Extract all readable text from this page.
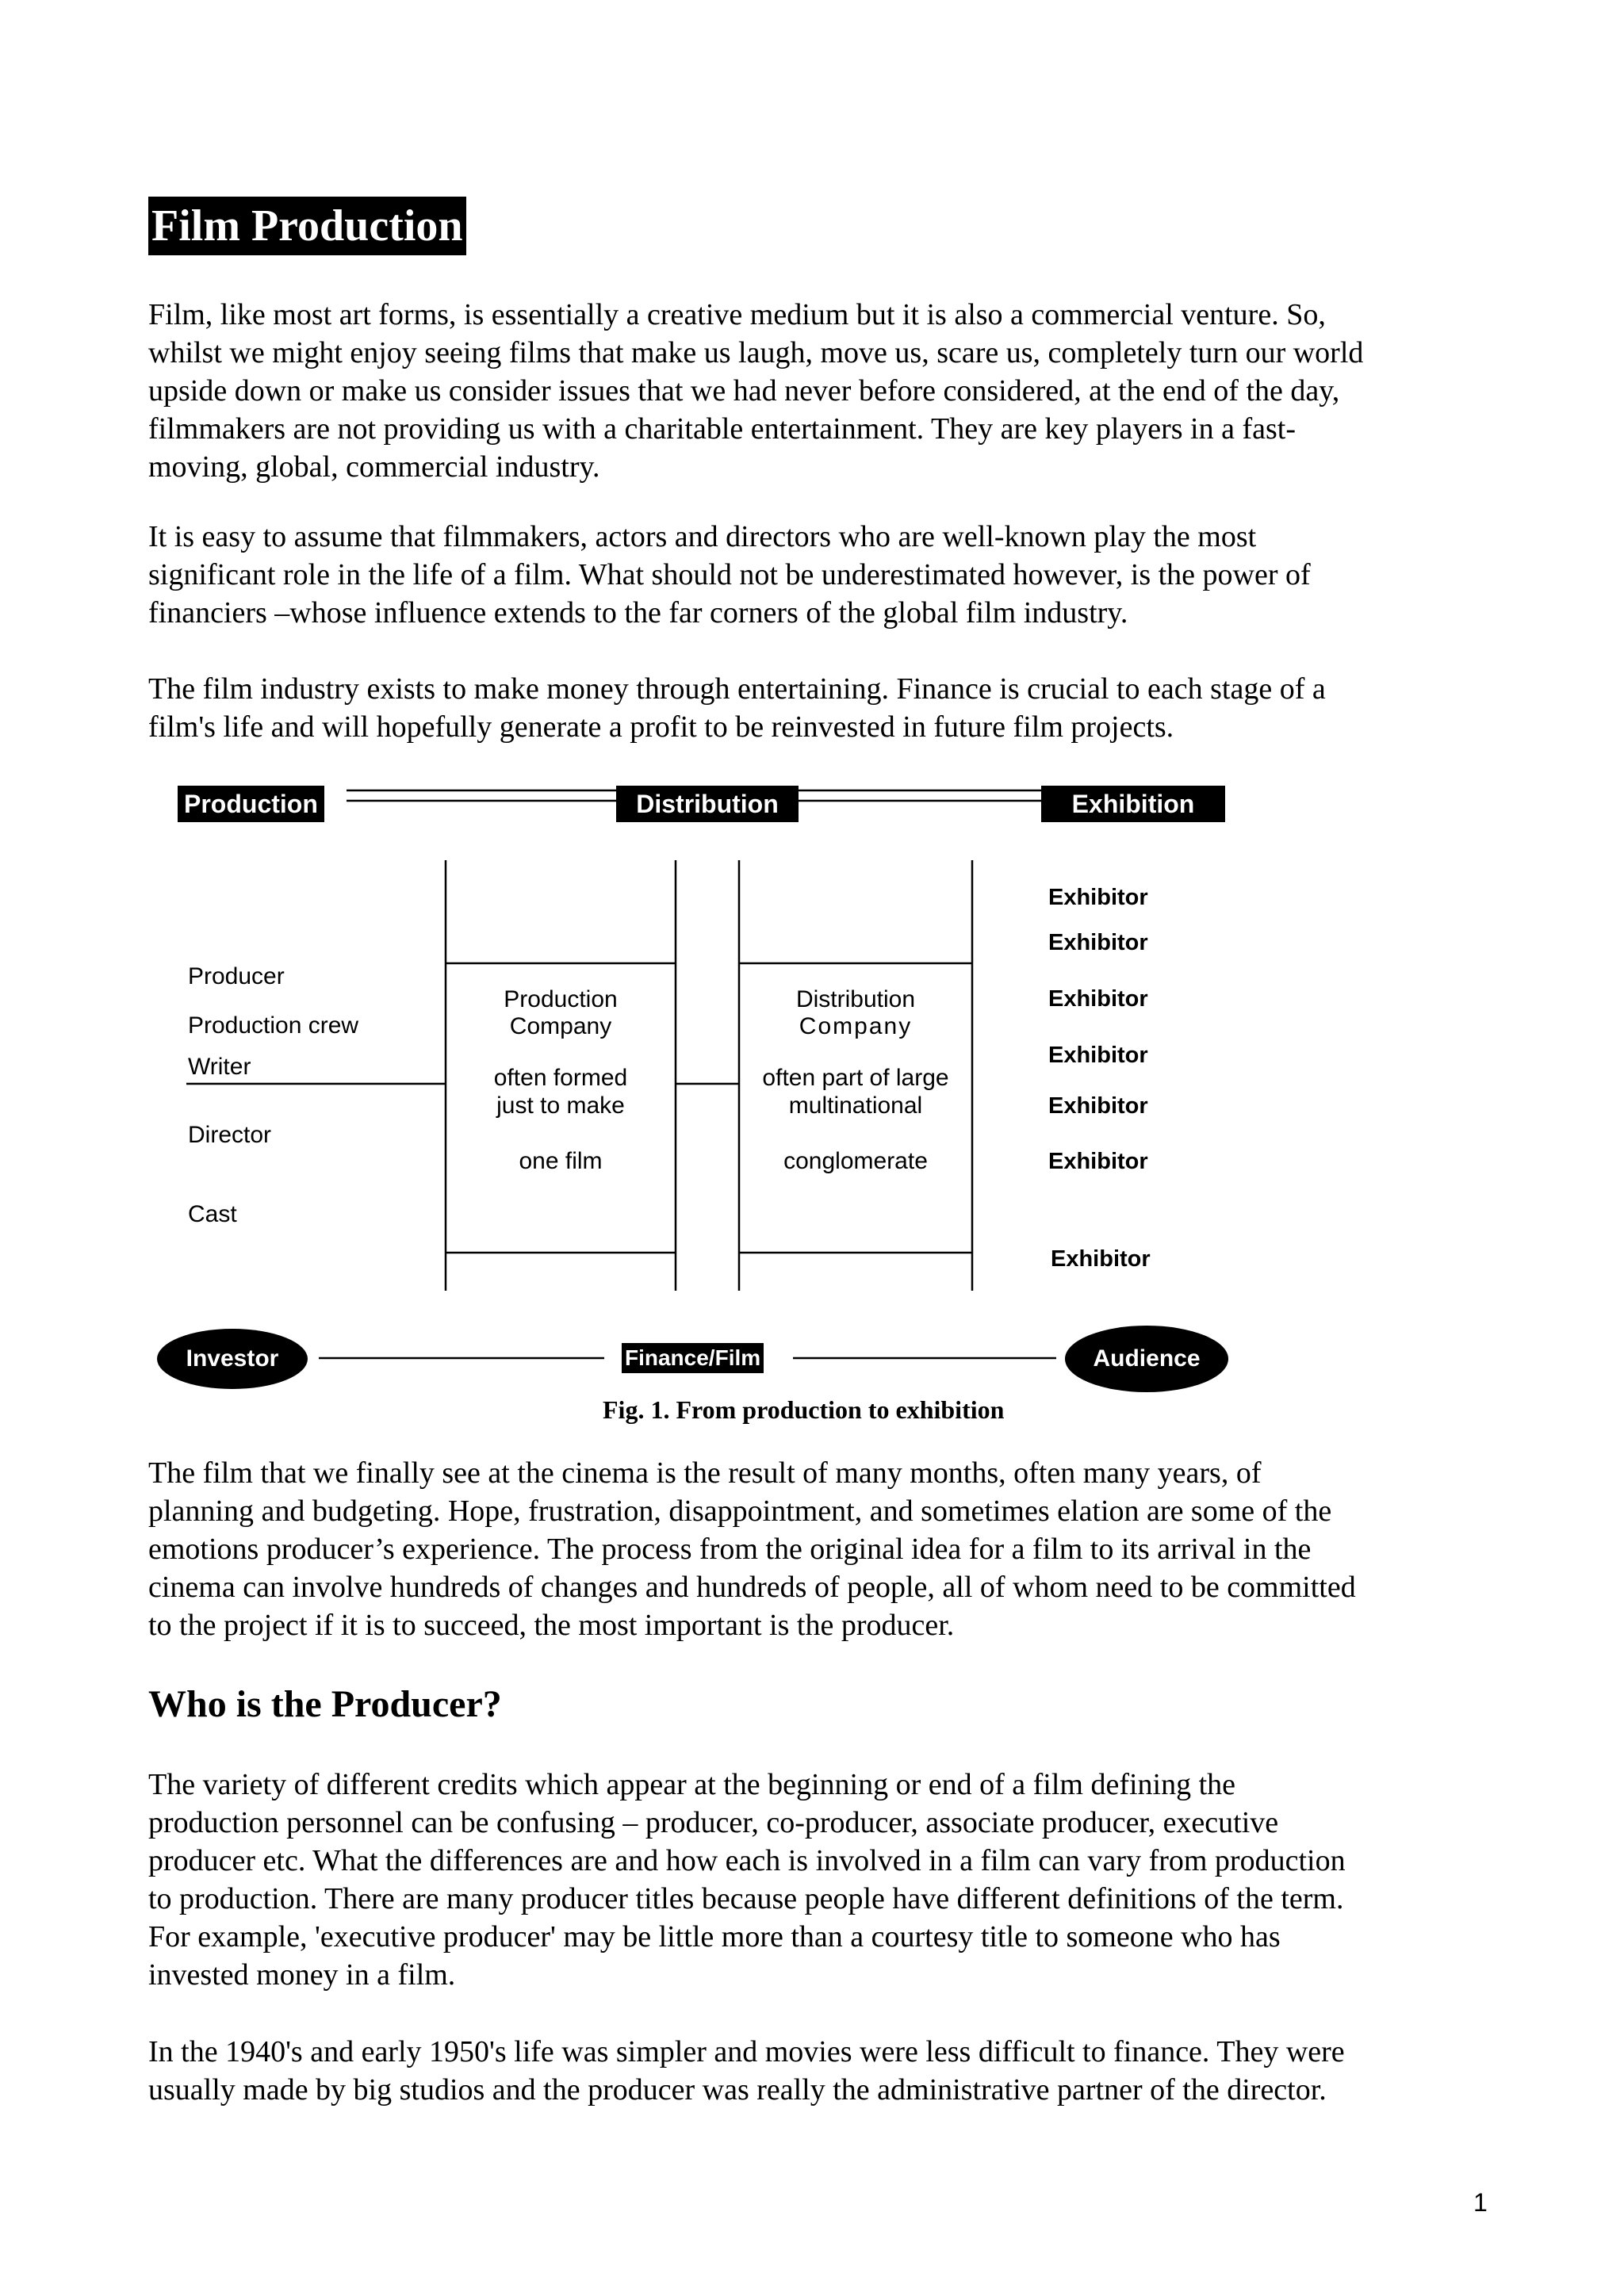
Film Production

Film, like most art forms, is essentially a creative medium but it is also a commercial venture. So,
whilst we might enjoy seeing films that make us laugh, move us, scare us, completely turn our world
upside down or make us consider issues that we had never before considered, at the end of the day,
filmmakers are not providing us with a charitable entertainment. They are key players in a fast-
moving, global, commercial industry.

It is easy to assume that filmmakers, actors and directors who are well-known play the most
significant role in the life of a film. What should not be underestimated however, is the power of
financiers –whose influence extends to the far corners of the global film industry.

The film industry exists to make money through entertaining. Finance is crucial to each stage of a
film's life and will hopefully generate a profit to be reinvested in future film projects.

Production	Distribution	Exhibition
Producer
Production crew
Writer
Director
Cast
Production
Company
often formed
just to make
one film
Distribution
Company
often part of large
multinational
conglomerate
Exhibitor
Exhibitor
Exhibitor
Exhibitor
Exhibitor
Exhibitor
Exhibitor
Investor	Finance/Film	Audience
Fig. 1. From production to exhibition

The film that we finally see at the cinema is the result of many months, often many years, of
planning and budgeting. Hope, frustration, disappointment, and sometimes elation are some of the
emotions producer’s experience. The process from the original idea for a film to its arrival in the
cinema can involve hundreds of changes and hundreds of people, all of whom need to be committed
to the project if it is to succeed, the most important is the producer.

Who is the Producer?

The variety of different credits which appear at the beginning or end of a film defining the
production personnel can be confusing – producer, co-producer, associate producer, executive
producer etc. What the differences are and how each is involved in a film can vary from production
to production. There are many producer titles because people have different definitions of the term.
For example, 'executive producer' may be little more than a courtesy title to someone who has
invested money in a film.

In the 1940's and early 1950's life was simpler and movies were less difficult to finance. They were
usually made by big studios and the producer was really the administrative partner of the director.

1
